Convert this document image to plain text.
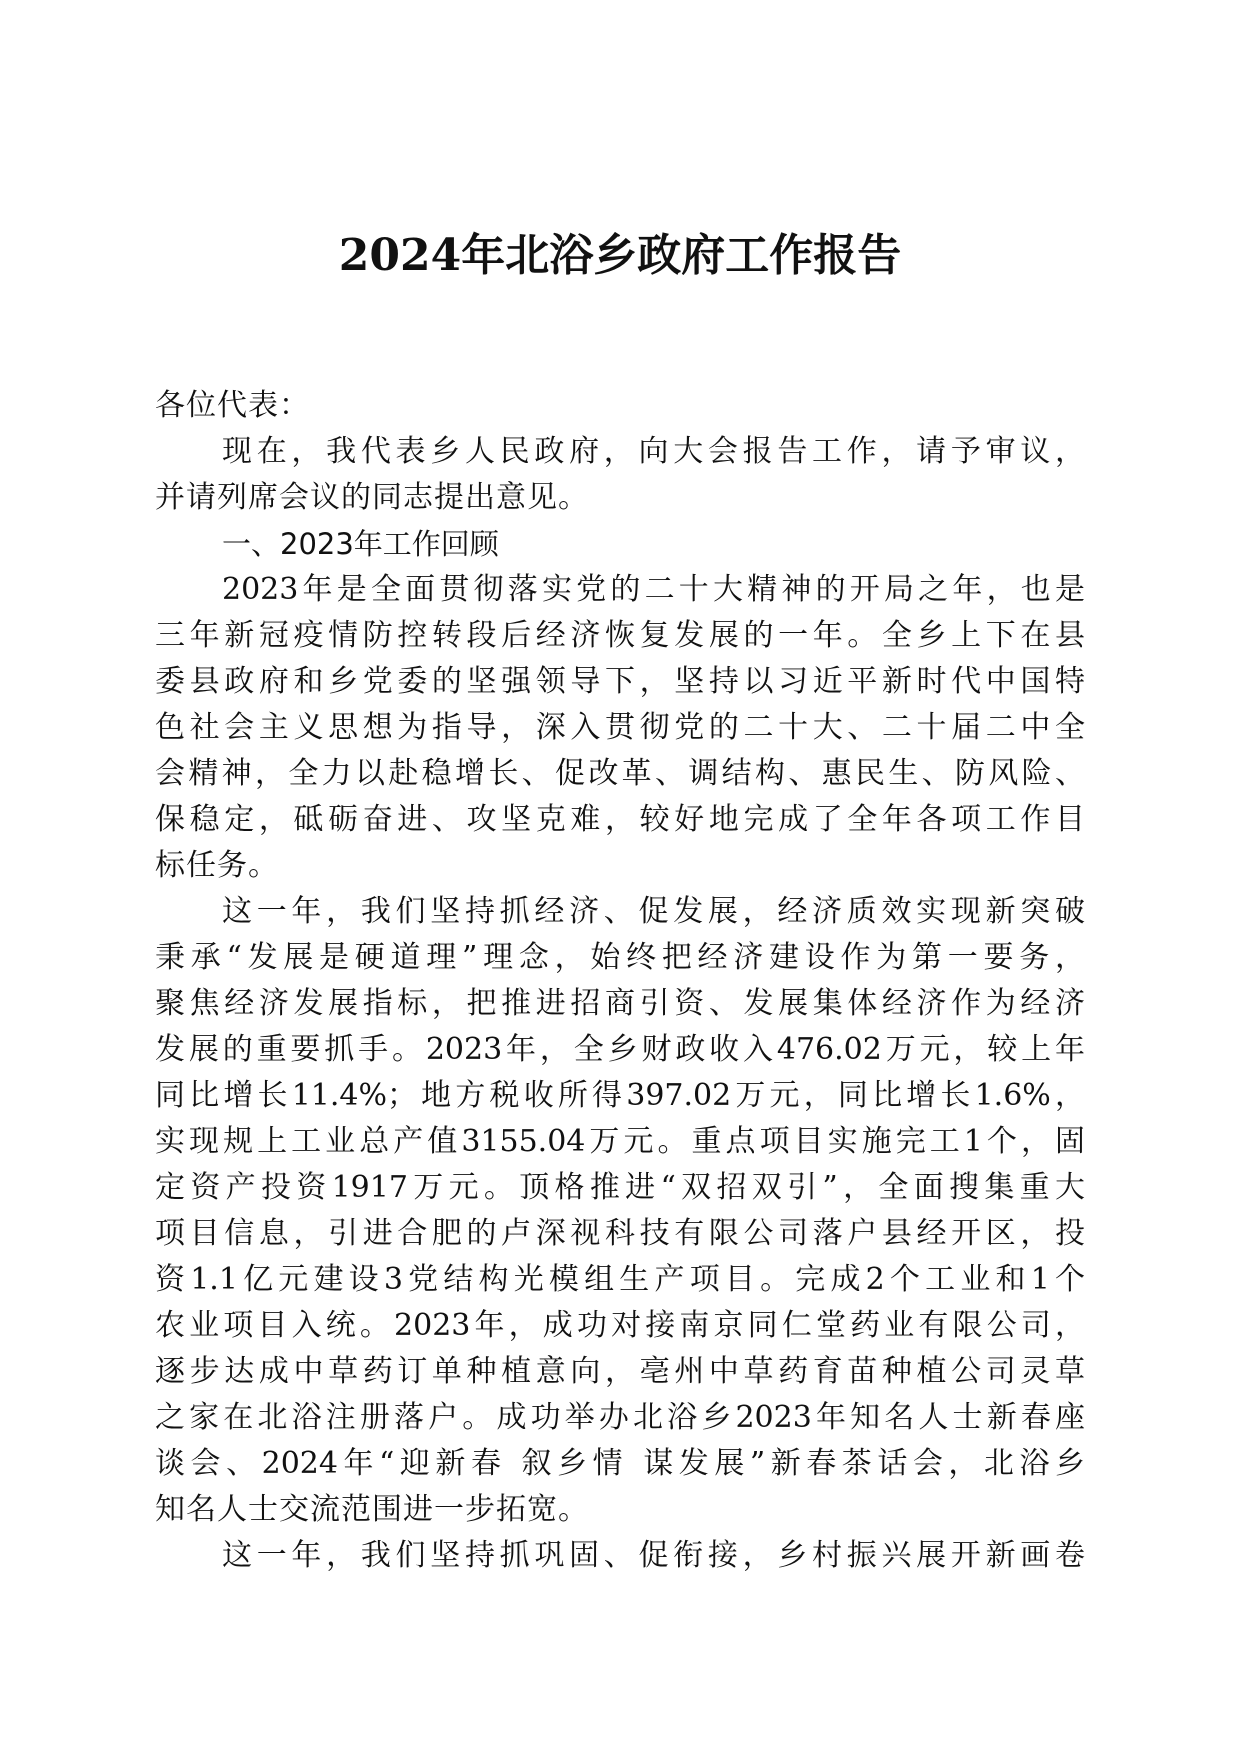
2024年北浴乡政府工作报告
各位代表：
现在，我代表乡人民政府，向大会报告工作，请予审议，
并请列席会议的同志提出意见。
一、2023年工作回顾
2023年是全面贯彻落实党的二十大精神的开局之年，也是
三年新冠疫情防控转段后经济恢复发展的一年。全乡上下在县
委县政府和乡党委的坚强领导下，坚持以习近平新时代中国特
色社会主义思想为指导，深入贯彻党的二十大、二十届二中全
会精神，全力以赴稳增长、促改革、调结构、惠民生、防风险、
保稳定，砥砺奋进、攻坚克难，较好地完成了全年各项工作目
标任务。
这一年，我们坚持抓经济、促发展，经济质效实现新突破
秉承“发展是硬道理”理念，始终把经济建设作为第一要务，
聚焦经济发展指标，把推进招商引资、发展集体经济作为经济
发展的重要抓手。2023年，全乡财政收入476.02万元，较上年
同比增长11.4%；地方税收所得397.02万元，同比增长1.6%，
实现规上工业总产值3155.04万元。重点项目实施完工1个，固
定资产投资1917万元。顶格推进“双招双引”，全面搜集重大
项目信息，引进合肥的卢深视科技有限公司落户县经开区，投
资1.1亿元建设3党结构光模组生产项目。完成2个工业和1个
农业项目入统。2023年，成功对接南京同仁堂药业有限公司，
逐步达成中草药订单种植意向，亳州中草药育苗种植公司灵草
之家在北浴注册落户。成功举办北浴乡2023年知名人士新春座
谈会、2024年“迎新春 叙乡情 谋发展”新春茶话会，北浴乡
知名人士交流范围进一步拓宽。
这一年，我们坚持抓巩固、促衔接，乡村振兴展开新画卷
